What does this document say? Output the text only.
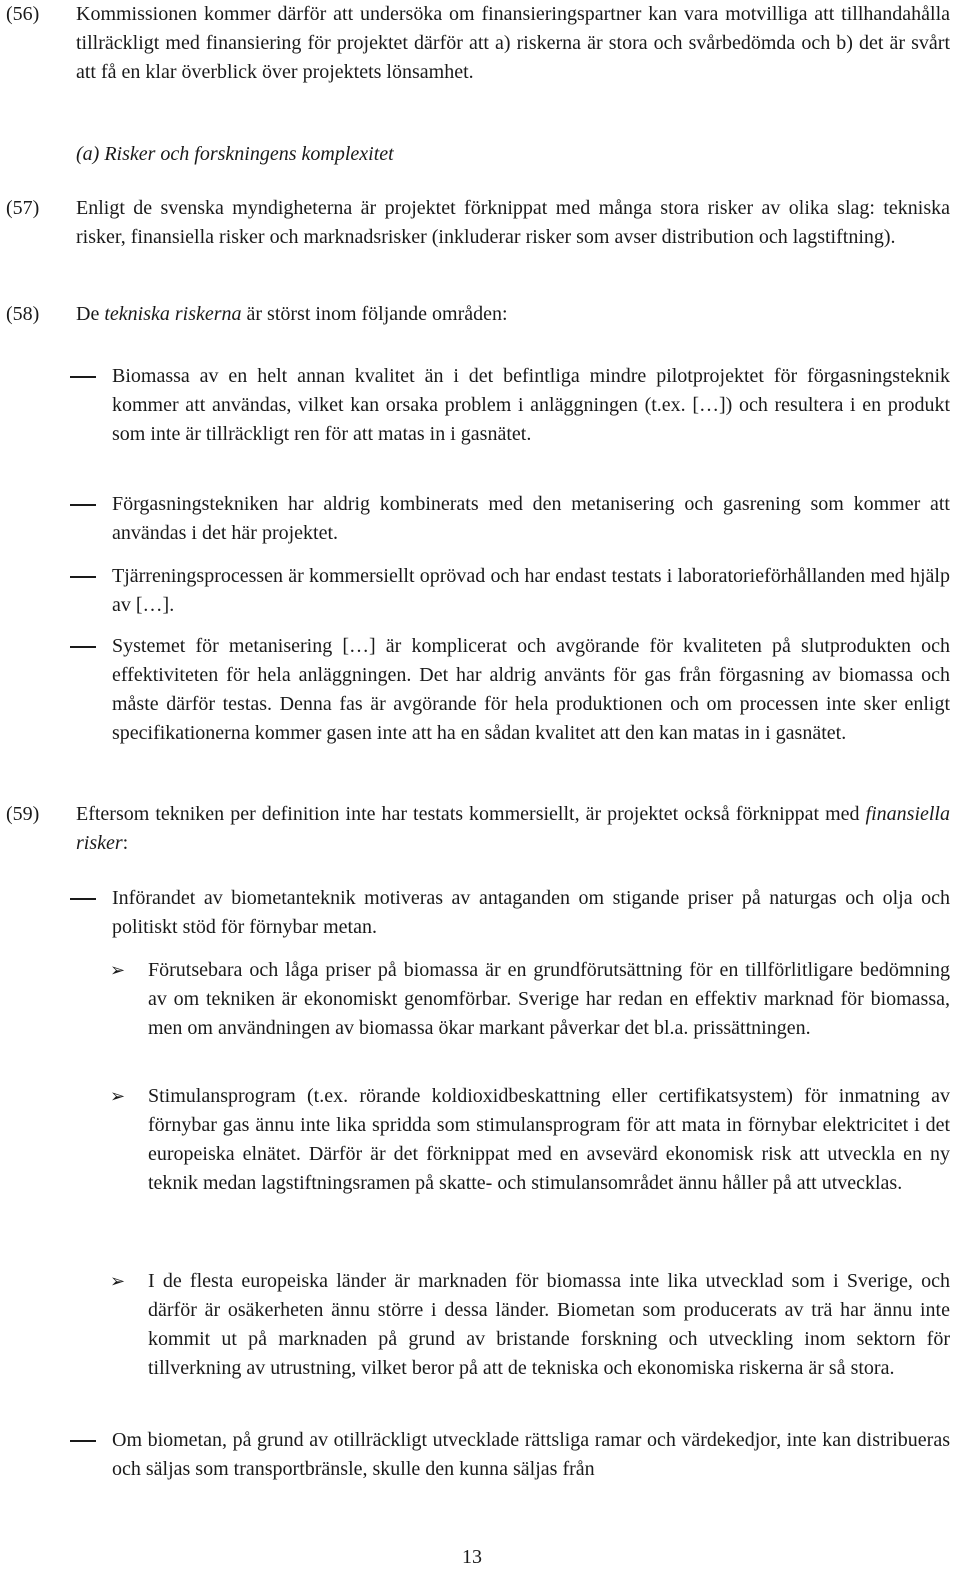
(56)	Kommissionen kommer därför att undersöka om finansieringspartner kan vara motvilliga att tillhandahålla tillräckligt med finansiering för projektet därför att a) riskerna är stora och svårbedömda och b) det är svårt att få en klar överblick över projektets lönsamhet.
(a) Risker och forskningens komplexitet
(57)	Enligt de svenska myndigheterna är projektet förknippat med många stora risker av olika slag: tekniska risker, finansiella risker och marknadsrisker (inkluderar risker som avser distribution och lagstiftning).
(58)	De tekniska riskerna är störst inom följande områden:
Biomassa av en helt annan kvalitet än i det befintliga mindre pilotprojektet för förgasningsteknik kommer att användas, vilket kan orsaka problem i anläggningen (t.ex. […]) och resultera i en produkt som inte är tillräckligt ren för att matas in i gasnätet.
Förgasningstekniken har aldrig kombinerats med den metanisering och gasrening som kommer att användas i det här projektet.
Tjärreningsprocessen är kommersiellt oprövad och har endast testats i laboratorieförhållanden med hjälp av […].
Systemet för metanisering […] är komplicerat och avgörande för kvaliteten på slutprodukten och effektiviteten för hela anläggningen. Det har aldrig använts för gas från förgasning av biomassa och måste därför testas. Denna fas är avgörande för hela produktionen och om processen inte sker enligt specifikationerna kommer gasen inte att ha en sådan kvalitet att den kan matas in i gasnätet.
(59)	Eftersom tekniken per definition inte har testats kommersiellt, är projektet också förknippat med finansiella risker:
Införandet av biometanteknik motiveras av antaganden om stigande priser på naturgas och olja och politiskt stöd för förnybar metan.
➢	Förutsebara och låga priser på biomassa är en grundförutsättning för en tillförlitligare bedömning av om tekniken är ekonomiskt genomförbar. Sverige har redan en effektiv marknad för biomassa, men om användningen av biomassa ökar markant påverkar det bl.a. prissättningen.
➢	Stimulansprogram (t.ex. rörande koldioxidbeskattning eller certifikatsystem) för inmatning av förnybar gas ännu inte lika spridda som stimulansprogram för att mata in förnybar elektricitet i det europeiska elnätet. Därför är det förknippat med en avsevärd ekonomisk risk att utveckla en ny teknik medan lagstiftningsramen på skatte- och stimulansområdet ännu håller på att utvecklas.
➢	I de flesta europeiska länder är marknaden för biomassa inte lika utvecklad som i Sverige, och därför är osäkerheten ännu större i dessa länder. Biometan som producerats av trä har ännu inte kommit ut på marknaden på grund av bristande forskning och utveckling inom sektorn för tillverkning av utrustning, vilket beror på att de tekniska och ekonomiska riskerna är så stora.
Om biometan, på grund av otillräckligt utvecklade rättsliga ramar och värdekedjor, inte kan distribueras och säljas som transportbränsle, skulle den kunna säljas från
13
